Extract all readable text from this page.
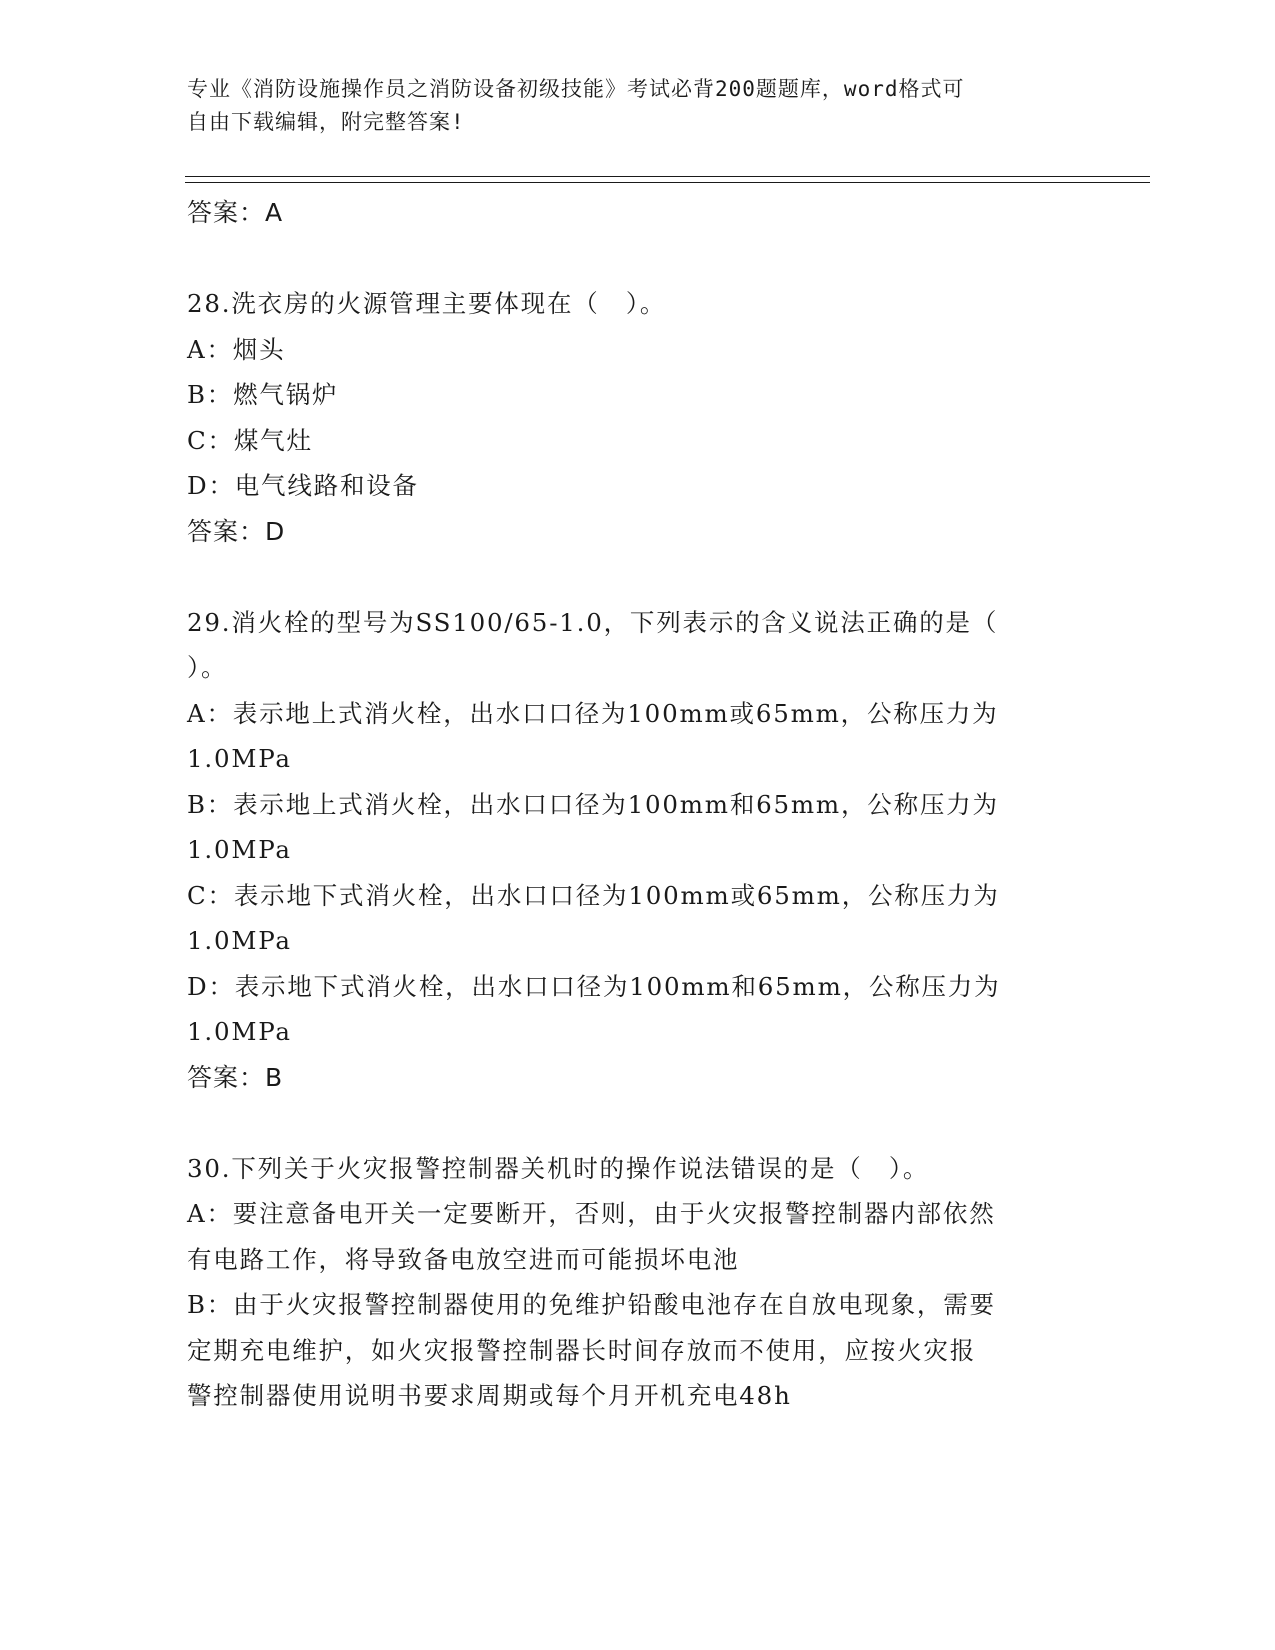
专业《消防设施操作员之消防设备初级技能》考试必背200题题库，word格式可
自由下载编辑，附完整答案!
答案：A
28.洗衣房的火源管理主要体现在（　）。
A：烟头
B：燃气锅炉
C：煤气灶
D：电气线路和设备
答案：D
29.消火栓的型号为SS100/65-1.0，下列表示的含义说法正确的是（
）。
A：表示地上式消火栓，出水口口径为100mm或65mm，公称压力为
1.0MPa
B：表示地上式消火栓，出水口口径为100mm和65mm，公称压力为
1.0MPa
C：表示地下式消火栓，出水口口径为100mm或65mm，公称压力为
1.0MPa
D：表示地下式消火栓，出水口口径为100mm和65mm，公称压力为
1.0MPa
答案：B
30.下列关于火灾报警控制器关机时的操作说法错误的是（　）。
A：要注意备电开关一定要断开，否则，由于火灾报警控制器内部依然
有电路工作，将导致备电放空进而可能损坏电池
B：由于火灾报警控制器使用的免维护铅酸电池存在自放电现象，需要
定期充电维护，如火灾报警控制器长时间存放而不使用，应按火灾报
警控制器使用说明书要求周期或每个月开机充电48h
